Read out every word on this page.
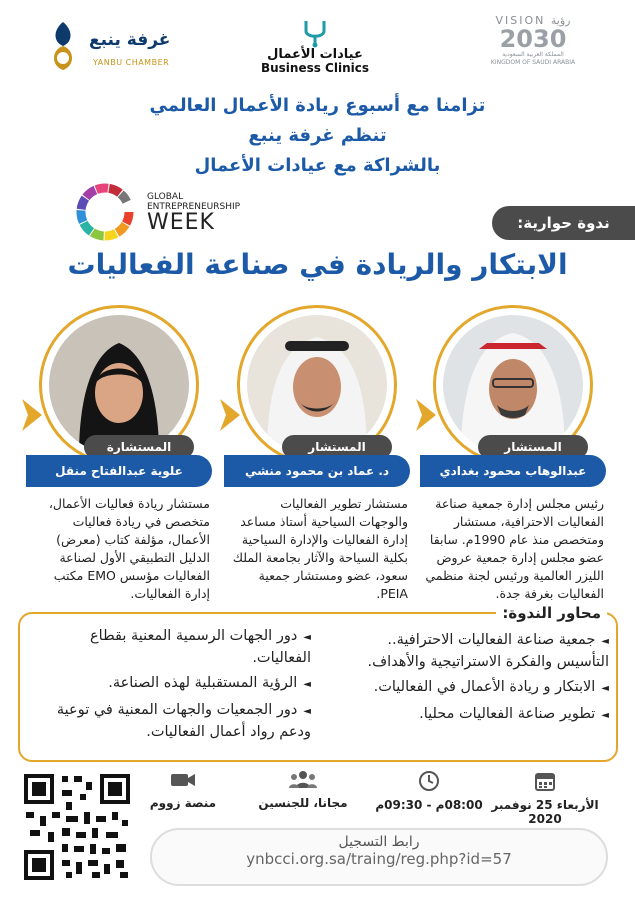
غرفة ينبع
YANBU CHAMBER
عيادات الأعمال
Business Clinics
VISION رؤية
2030
المملكة العربية السعودية
KINGDOM OF SAUDI ARABIA
تزامنا مع أسبوع ريادة الأعمال العالمي
تنظم غرفة ينبع
بالشراكة مع عيادات الأعمال
GLOBAL
ENTREPRENEURSHIP
WEEK	ندوة حوارية:
الابتكار والريادة في صناعة الفعاليات
المستشارة
علوية عبدالفتاح منقل
مستشار ريادة فعاليات الأعمال، متخصص في ريادة فعاليات الأعمال، مؤلفة كتاب (معرض) الدليل التطبيقي الأول لصناعة الفعاليات مؤسس EMO مكتب إدارة الفعاليات.
المستشار
د. عماد بن محمود منشي
مستشار تطوير الفعاليات والوجهات السياحية أستاذ مساعد إدارة الفعاليات والإدارة السياحية بكلية السياحة والآثار بجامعة الملك سعود، عضو ومستشار جمعية PEIA.
المستشار
عبدالوهاب محمود بغدادي
رئيس مجلس إدارة جمعية صناعة الفعاليات الاحترافية، مستشار ومتخصص منذ عام 1990م. سابقا عضو مجلس إدارة جمعية عروض الليزر العالمية ورئيس لجنة منظمي الفعاليات بغرفة جدة.
محاور الندوة:
◄ جمعية صناعة الفعاليات الاحترافية.. التأسيس والفكرة الاستراتيجية والأهداف.
◄ الابتكار و ريادة الأعمال في الفعاليات.
◄ تطوير صناعة الفعاليات محليا.
◄ دور الجهات الرسمية المعنية بقطاع الفعاليات.
◄ الرؤية المستقبلية لهذه الصناعة.
◄ دور الجمعيات والجهات المعنية في توعية ودعم رواد أعمال الفعاليات.
منصة زووم	مجانا، للجنسين	08:00م - 09:30م الأربعاء 25 نوفمبر 2020
رابط التسجيل
ynbcci.org.sa/traing/reg.php?id=57
